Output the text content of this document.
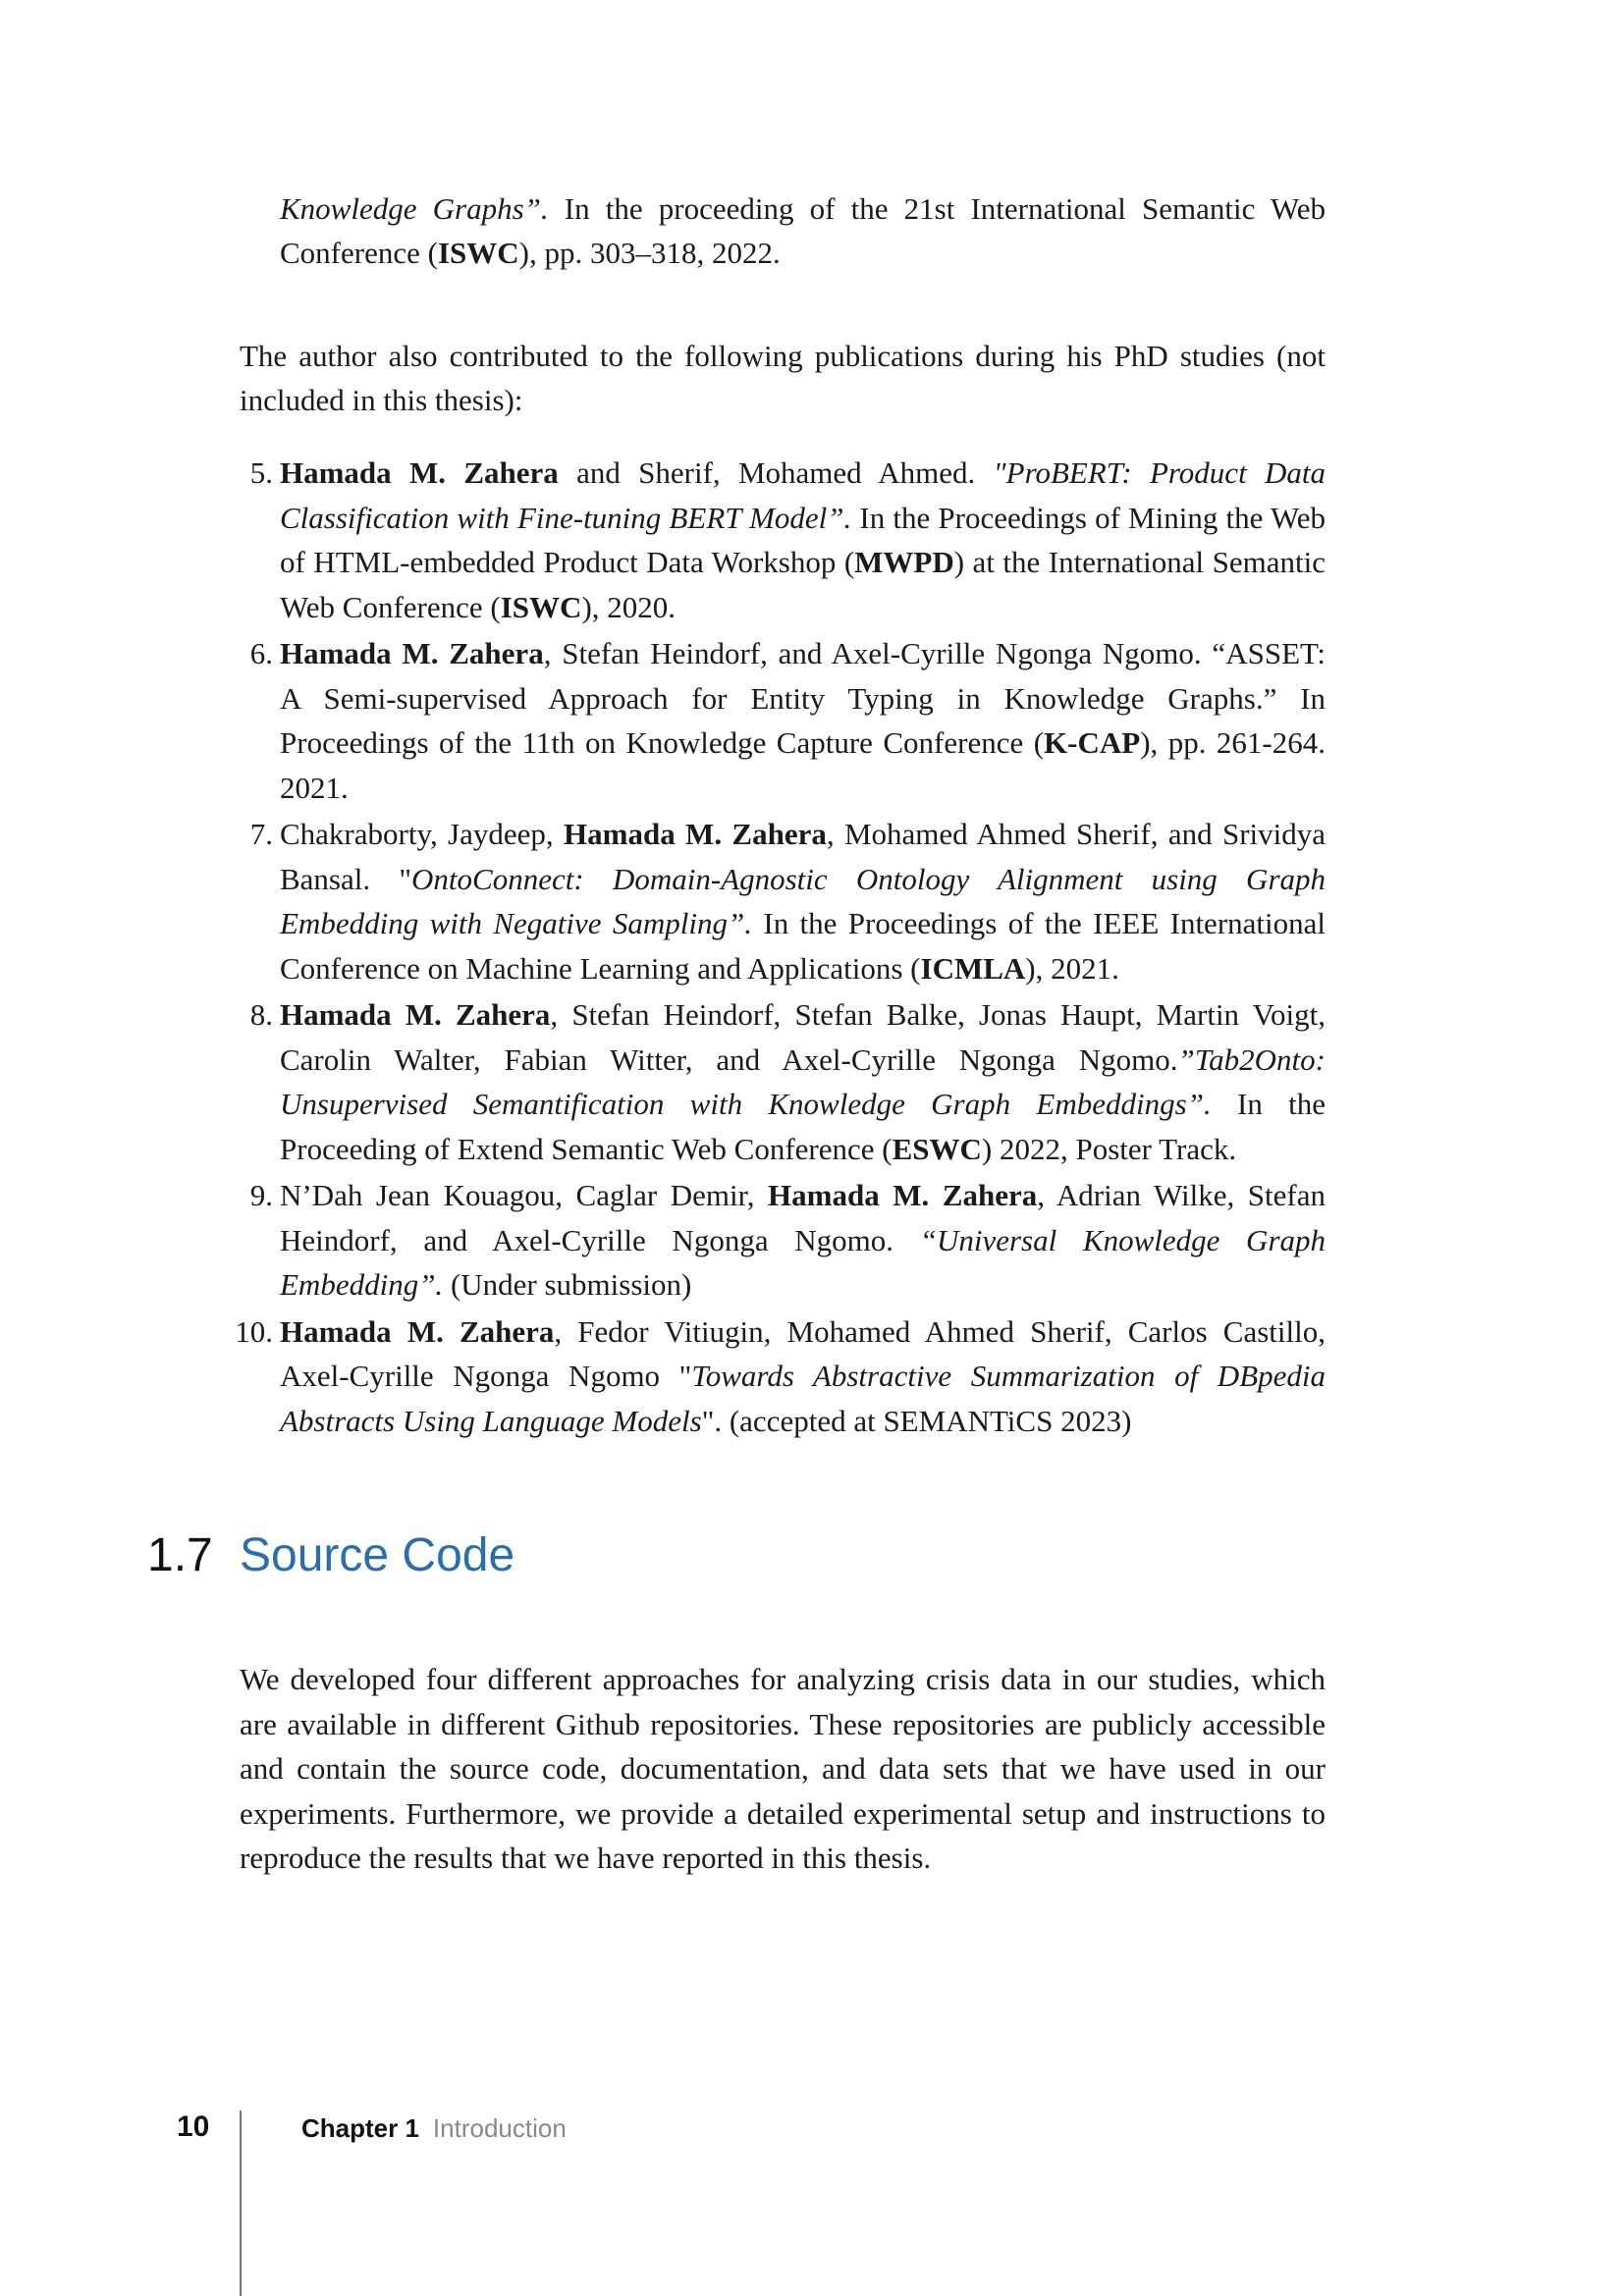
Knowledge Graphs”. In the proceeding of the 21st International Semantic Web Conference (ISWC), pp. 303–318, 2022.

The author also contributed to the following publications during his PhD studies (not included in this thesis):

5. Hamada M. Zahera and Sherif, Mohamed Ahmed. "ProBERT: Product Data Classification with Fine-tuning BERT Model”. In the Proceedings of Mining the Web of HTML-embedded Product Data Workshop (MWPD) at the International Semantic Web Conference (ISWC), 2020.
6. Hamada M. Zahera, Stefan Heindorf, and Axel-Cyrille Ngonga Ngomo. “ASSET: A Semi-supervised Approach for Entity Typing in Knowledge Graphs.” In Proceedings of the 11th on Knowledge Capture Conference (K-CAP), pp. 261-264. 2021.
7. Chakraborty, Jaydeep, Hamada M. Zahera, Mohamed Ahmed Sherif, and Srividya Bansal. "OntoConnect: Domain-Agnostic Ontology Alignment using Graph Embedding with Negative Sampling”. In the Proceedings of the IEEE International Conference on Machine Learning and Applications (ICMLA), 2021.
8. Hamada M. Zahera, Stefan Heindorf, Stefan Balke, Jonas Haupt, Martin Voigt, Carolin Walter, Fabian Witter, and Axel-Cyrille Ngonga Ngomo.”Tab2Onto: Unsupervised Semantification with Knowledge Graph Embeddings”. In the Proceeding of Extend Semantic Web Conference (ESWC) 2022, Poster Track.
9. N’Dah Jean Kouagou, Caglar Demir, Hamada M. Zahera, Adrian Wilke, Stefan Heindorf, and Axel-Cyrille Ngonga Ngomo. “Universal Knowledge Graph Embedding”. (Under submission)
10. Hamada M. Zahera, Fedor Vitiugin, Mohamed Ahmed Sherif, Carlos Castillo, Axel-Cyrille Ngonga Ngomo "Towards Abstractive Summarization of DBpedia Abstracts Using Language Models". (accepted at SEMANTiCS 2023)
1.7 Source Code

We developed four different approaches for analyzing crisis data in our studies, which are available in different Github repositories. These repositories are publicly accessible and contain the source code, documentation, and data sets that we have used in our experiments. Furthermore, we provide a detailed experimental setup and instructions to reproduce the results that we have reported in this thesis.

10	Chapter 1 Introduction
